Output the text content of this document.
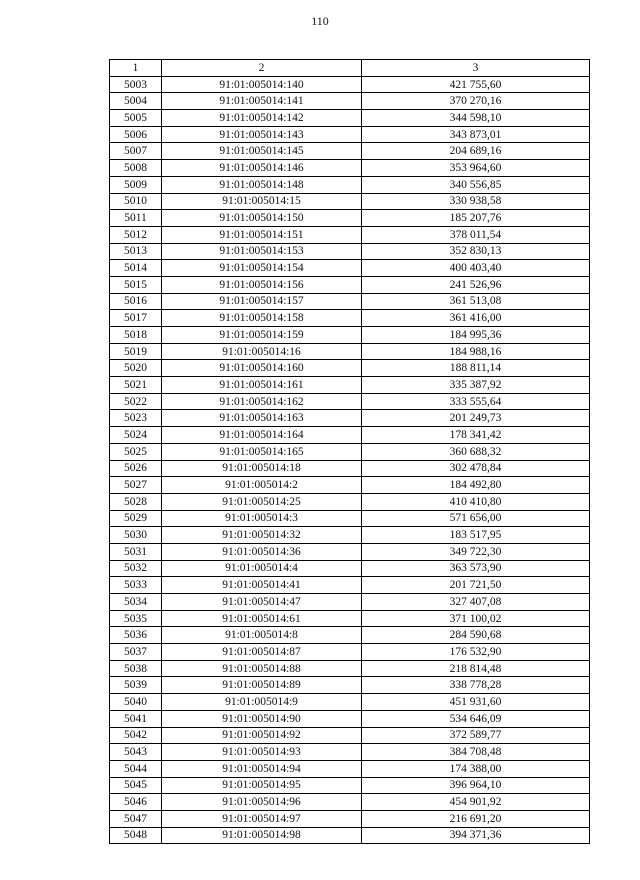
110
1	2	3
5003	91:01:005014:140	421 755,60
5004	91:01:005014:141	370 270,16
5005	91:01:005014:142	344 598,10
5006	91:01:005014:143	343 873,01
5007	91:01:005014:145	204 689,16
5008	91:01:005014:146	353 964,60
5009	91:01:005014:148	340 556,85
5010	91:01:005014:15	330 938,58
5011	91:01:005014:150	185 207,76
5012	91:01:005014:151	378 011,54
5013	91:01:005014:153	352 830,13
5014	91:01:005014:154	400 403,40
5015	91:01:005014:156	241 526,96
5016	91:01:005014:157	361 513,08
5017	91:01:005014:158	361 416,00
5018	91:01:005014:159	184 995,36
5019	91:01:005014:16	184 988,16
5020	91:01:005014:160	188 811,14
5021	91:01:005014:161	335 387,92
5022	91:01:005014:162	333 555,64
5023	91:01:005014:163	201 249,73
5024	91:01:005014:164	178 341,42
5025	91:01:005014:165	360 688,32
5026	91:01:005014:18	302 478,84
5027	91:01:005014:2	184 492,80
5028	91:01:005014:25	410 410,80
5029	91:01:005014:3	571 656,00
5030	91:01:005014:32	183 517,95
5031	91:01:005014:36	349 722,30
5032	91:01:005014:4	363 573,90
5033	91:01:005014:41	201 721,50
5034	91:01:005014:47	327 407,08
5035	91:01:005014:61	371 100,02
5036	91:01:005014:8	284 590,68
5037	91:01:005014:87	176 532,90
5038	91:01:005014:88	218 814,48
5039	91:01:005014:89	338 778,28
5040	91:01:005014:9	451 931,60
5041	91:01:005014:90	534 646,09
5042	91:01:005014:92	372 589,77
5043	91:01:005014:93	384 708,48
5044	91:01:005014:94	174 388,00
5045	91:01:005014:95	396 964,10
5046	91:01:005014:96	454 901,92
5047	91:01:005014:97	216 691,20
5048	91:01:005014:98	394 371,36
